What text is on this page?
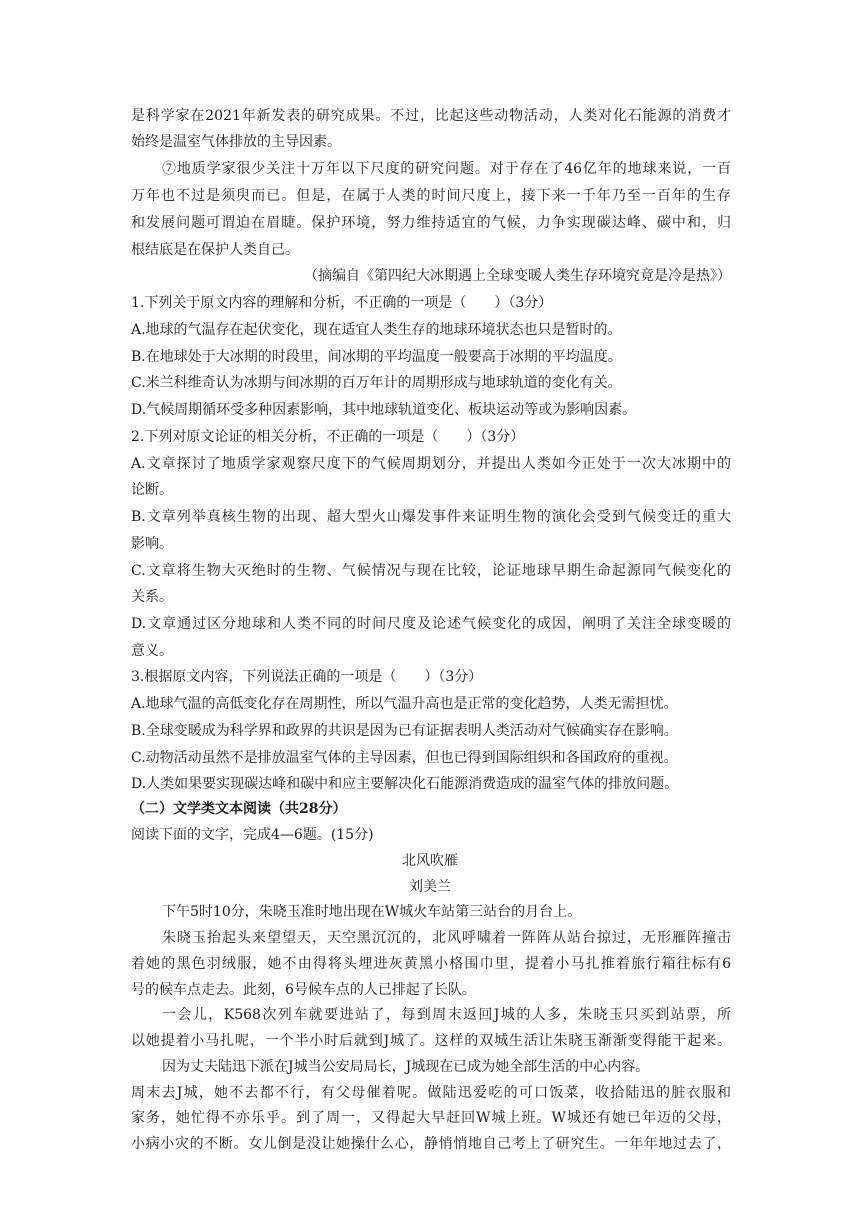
是科学家在2021年新发表的研究成果。不过，比起这些动物活动，人类对化石能源的消费才
始终是温室气体排放的主导因素。
⑦地质学家很少关注十万年以下尺度的研究问题。对于存在了46亿年的地球来说，一百
万年也不过是须臾而已。但是，在属于人类的时间尺度上，接下来一千年乃至一百年的生存
和发展问题可谓迫在眉睫。保护环境，努力维持适宜的气候，力争实现碳达峰、碳中和，归
根结底是在保护人类自己。
（摘编自《第四纪大冰期遇上全球变暖人类生存环境究竟是冷是热》）
1.下列关于原文内容的理解和分析，不正确的一项是（　　）（3分）
A.地球的气温存在起伏变化，现在适宜人类生存的地球环境状态也只是暂时的。
B.在地球处于大冰期的时段里，间冰期的平均温度一般要高于冰期的平均温度。
C.米兰科维奇认为冰期与间冰期的百万年计的周期形成与地球轨道的变化有关。
D.气候周期循环受多种因素影响，其中地球轨道变化、板块运动等或为影响因素。
2.下列对原文论证的相关分析，不正确的一项是（　　）（3分）
A.文章探讨了地质学家观察尺度下的气候周期划分，并提出人类如今正处于一次大冰期中的
论断。
B.文章列举真核生物的出现、超大型火山爆发事件来证明生物的演化会受到气候变迁的重大
影响。
C.文章将生物大灭绝时的生物、气候情况与现在比较，论证地球早期生命起源同气候变化的
关系。
D.文章通过区分地球和人类不同的时间尺度及论述气候变化的成因，阐明了关注全球变暖的
意义。
3.根据原文内容，下列说法正确的一项是（　　）（3分）
A.地球气温的高低变化存在周期性，所以气温升高也是正常的变化趋势，人类无需担忧。
B.全球变暖成为科学界和政界的共识是因为已有证据表明人类活动对气候确实存在影响。
C.动物活动虽然不是排放温室气体的主导因素，但也已得到国际组织和各国政府的重视。
D.人类如果要实现碳达峰和碳中和应主要解决化石能源消费造成的温室气体的排放问题。
（二）文学类文本阅读（共28分）
阅读下面的文字，完成4—6题。(15分)
北风吹雁
刘美兰
下午5时10分，朱晓玉准时地出现在W城火车站第三站台的月台上。
朱晓玉抬起头来望望天，天空黑沉沉的，北风呼啸着一阵阵从站台掠过，无形雁阵撞击
着她的黑色羽绒服，她不由得将头埋进灰黄黑小格围巾里，提着小马扎推着旅行箱往标有6
号的候车点走去。此刻，6号候车点的人已排起了长队。
一会儿，K568次列车就要进站了，每到周末返回J城的人多，朱晓玉只买到站票，所
以她提着小马扎呢，一个半小时后就到J城了。这样的双城生活让朱晓玉渐渐变得能干起来。
因为丈夫陆迅下派在J城当公安局局长，J城现在已成为她全部生活的中心内容。
周末去J城，她不去都不行，有父母催着呢。做陆迅爱吃的可口饭菜，收拾陆迅的脏衣服和
家务，她忙得不亦乐乎。到了周一，又得起大早赶回W城上班。W城还有她已年迈的父母，
小病小灾的不断。女儿倒是没让她操什么心，静悄悄地自己考上了研究生。一年年地过去了，
